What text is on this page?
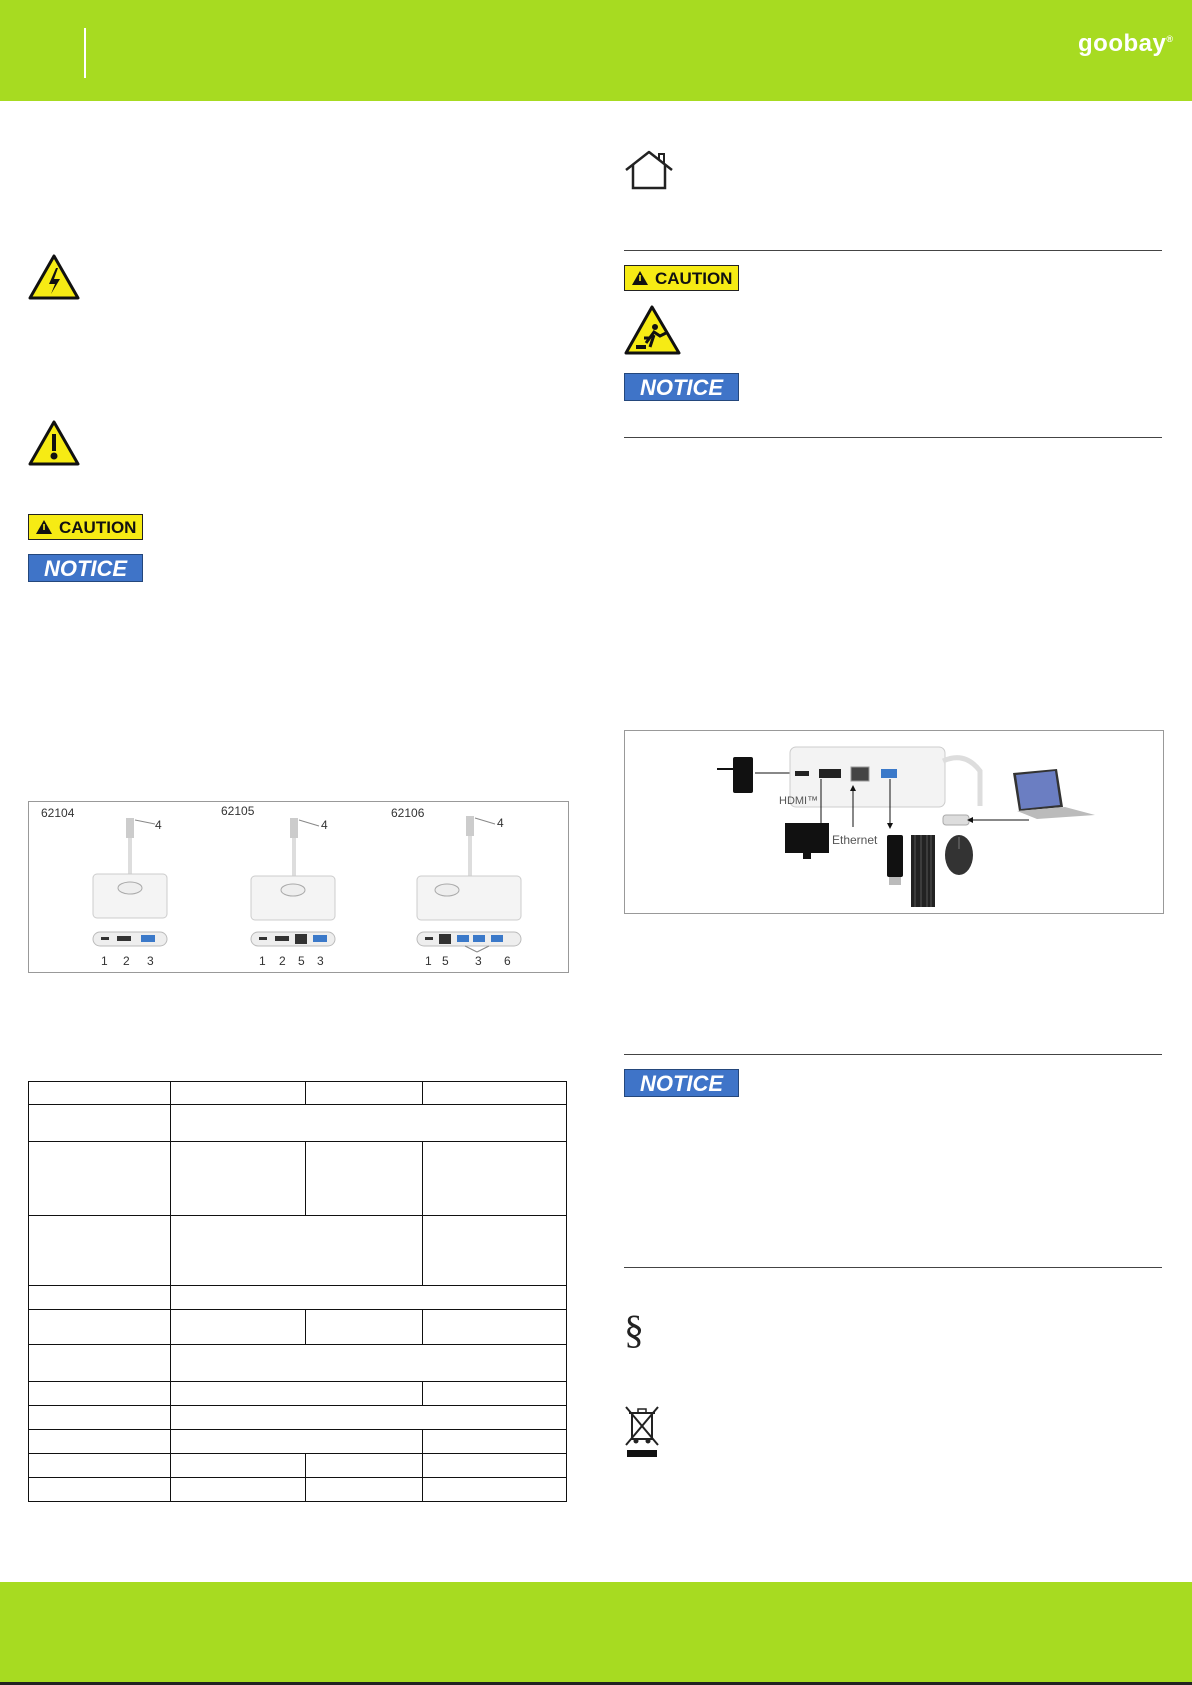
goobay®
CAUTION
NOTICE
62104	62105	62106
4
1 2 3
4
1 2 5 3
4
1 5 3 6

CAUTION
NOTICE
HDMI™
Ethernet
NOTICE
§
